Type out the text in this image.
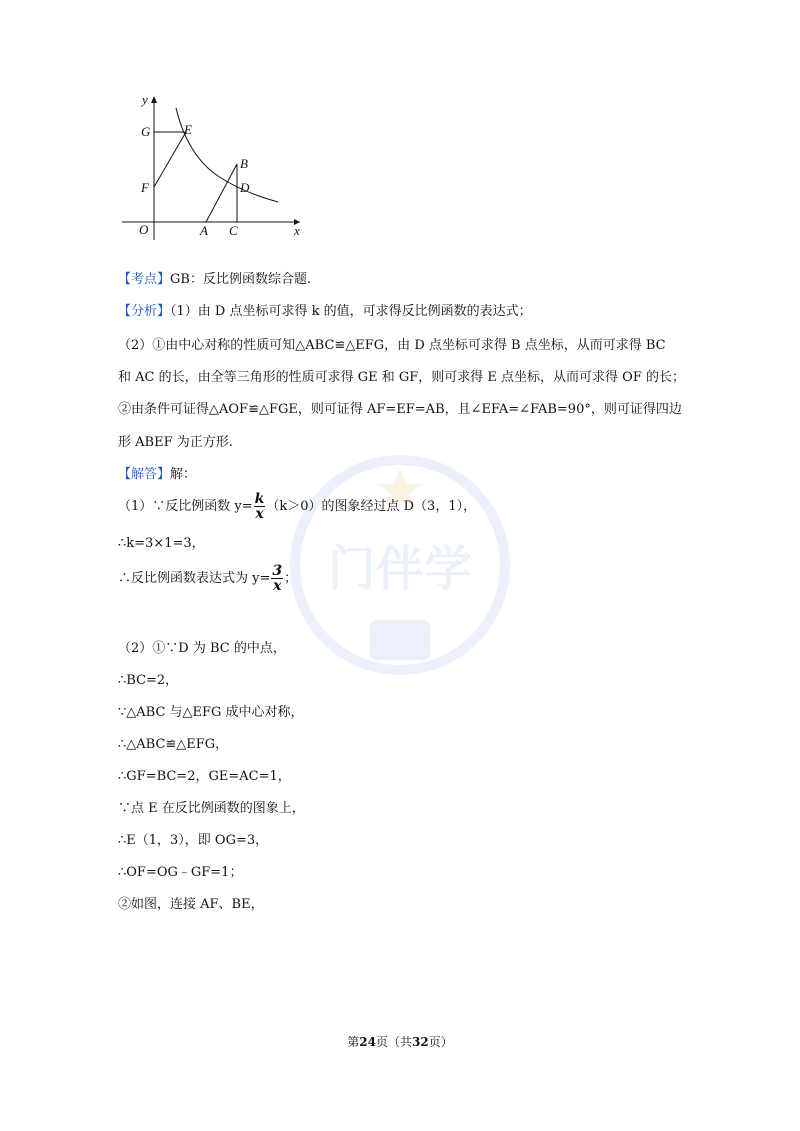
y
x
G	E
F
B
D
O	A C
门伴学
【考点】GB：反比例函数综合题.
【分析】（1）由 D 点坐标可求得 k 的值，可求得反比例函数的表达式；
（2）①由中心对称的性质可知△ABC≌△EFG，由 D 点坐标可求得 B 点坐标，从而可求得 BC
和 AC 的长，由全等三角形的性质可求得 GE 和 GF，则可求得 E 点坐标，从而可求得 OF 的长；
②由条件可证得△AOF≌△FGE，则可证得 AF=EF=AB，且∠EFA=∠FAB=90°，则可证得四边
形 ABEF 为正方形.
【解答】解：
（1）∵反比例函数 $y= \frac{k}{x} (k>0)$的图象经过点 D（3，1），
∴k=3×1=3，
∴反比例函数表达式为 $y= \frac{3}{x}$ ；
（2）①∵D 为 BC 的中点，
∴BC=2，
∵△ABC 与△EFG 成中心对称，
∴△ABC≌△EFG，
∴GF=BC=2，GE=AC=1，
∵点 E 在反比例函数的图象上，
∴E（1，3），即 OG=3，
∴OF=OG﹣GF=1；
②如图，连接 AF、BE，
第24页（共32页）
